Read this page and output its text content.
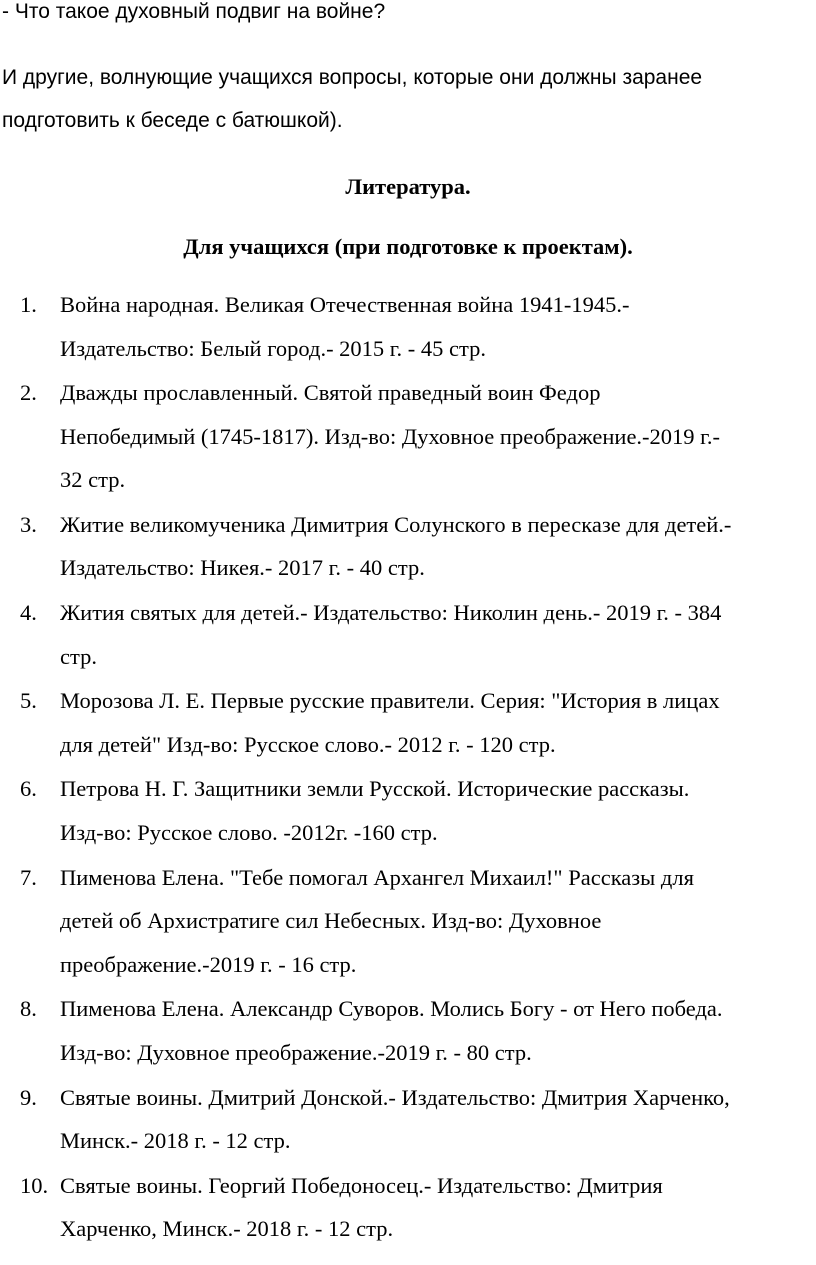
- Что такое духовный подвиг на войне?
И другие, волнующие учащихся вопросы, которые они должны заранее
подготовить к беседе с батюшкой).
Литература.
Для учащихся (при подготовке к проектам).
1.	Война народная. Великая Отечественная война 1941-1945.-
Издательство: Белый город.- 2015 г. - 45 стр.
2.	Дважды прославленный. Святой праведный воин Федор
Непобедимый (1745-1817). Изд-во: Духовное преображение.-2019 г.-
32 стр.
3.	Житие великомученика Димитрия Солунского в пересказе для детей.-
Издательство: Никея.- 2017 г. - 40 стр.
4.	Жития святых для детей.- Издательство: Николин день.- 2019 г. - 384
стр.
5.	Морозова Л. Е. Первые русские правители. Серия: "История в лицах
для детей" Изд-во: Русское слово.- 2012 г. - 120 стр.
6.	Петрова Н. Г. Защитники земли Русской. Исторические рассказы.
Изд-во: Русское слово. -2012г. -160 стр.
7.	Пименова Елена. "Тебе помогал Архангел Михаил!" Рассказы для
детей об Архистратиге сил Небесных. Изд-во: Духовное
преображение.-2019 г. - 16 стр.
8.	Пименова Елена. Александр Суворов. Молись Богу - от Него победа.
Изд-во: Духовное преображение.-2019 г. - 80 стр.
9.	Святые воины. Дмитрий Донской.- Издательство: Дмитрия Харченко,
Минск.- 2018 г. - 12 стр.
10. Святые воины. Георгий Победоносец.- Издательство: Дмитрия
Харченко, Минск.- 2018 г. - 12 стр.
